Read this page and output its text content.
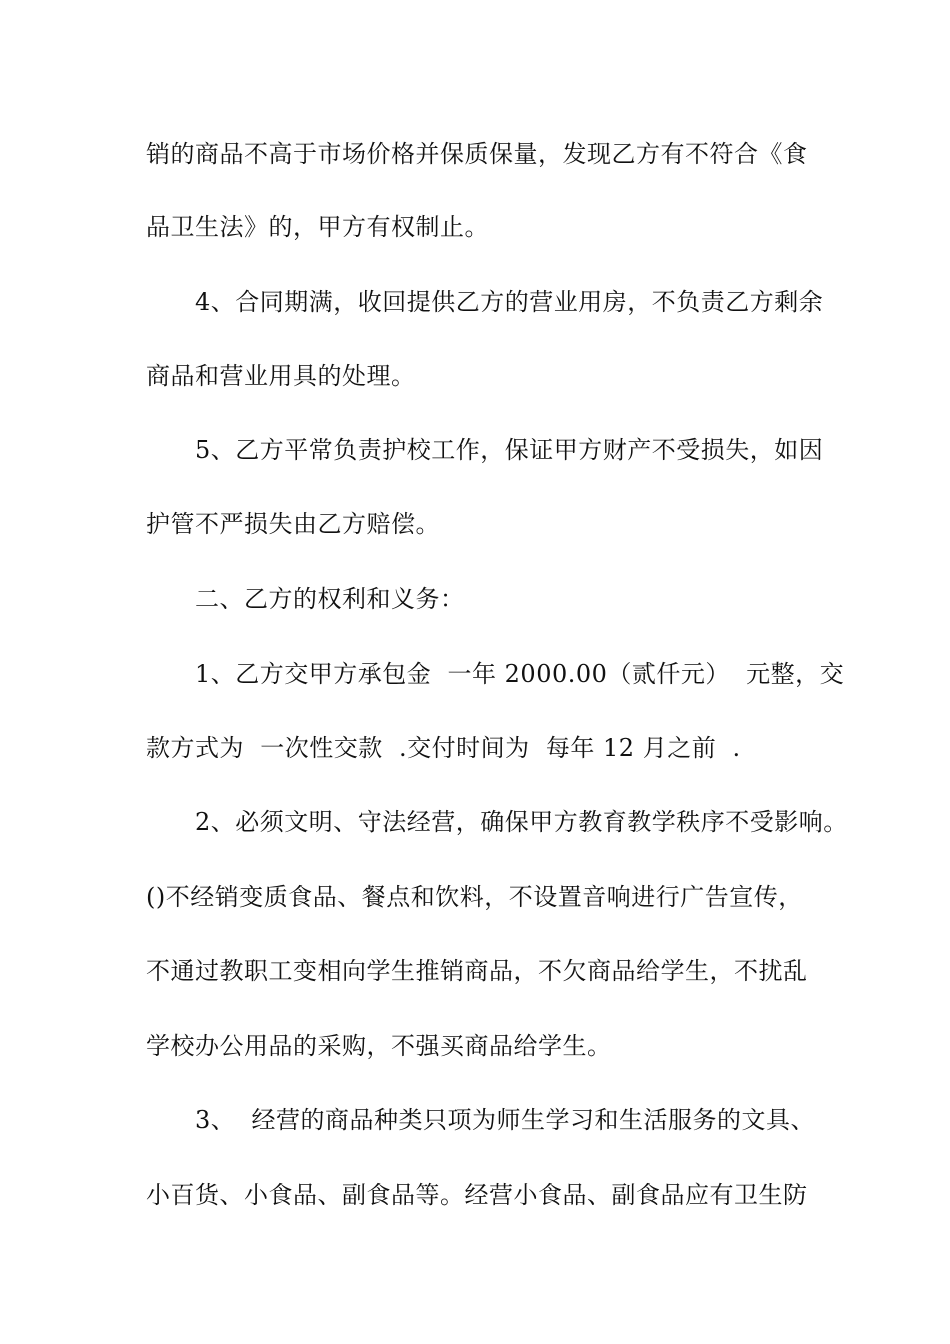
销的商品不高于市场价格并保质保量，发现乙方有不符合《食
品卫生法》的，甲方有权制止。
4、合同期满，收回提供乙方的营业用房，不负责乙方剩余
商品和营业用具的处理。
5、乙方平常负责护校工作，保证甲方财产不受损失，如因
护管不严损失由乙方赔偿。
二、乙方的权利和义务：
1、乙方交甲方承包金  一年 2000.00（贰仟元）  元整，交
款方式为  一次性交款  .交付时间为  每年 12 月之前  .
2、必须文明、守法经营，确保甲方教育教学秩序不受影响。
()不经销变质食品、餐点和饮料，不设置音响进行广告宣传，
不通过教职工变相向学生推销商品，不欠商品给学生，不扰乱
学校办公用品的采购，不强买商品给学生。
3、  经营的商品种类只项为师生学习和生活服务的文具、
小百货、小食品、副食品等。经营小食品、副食品应有卫生防
